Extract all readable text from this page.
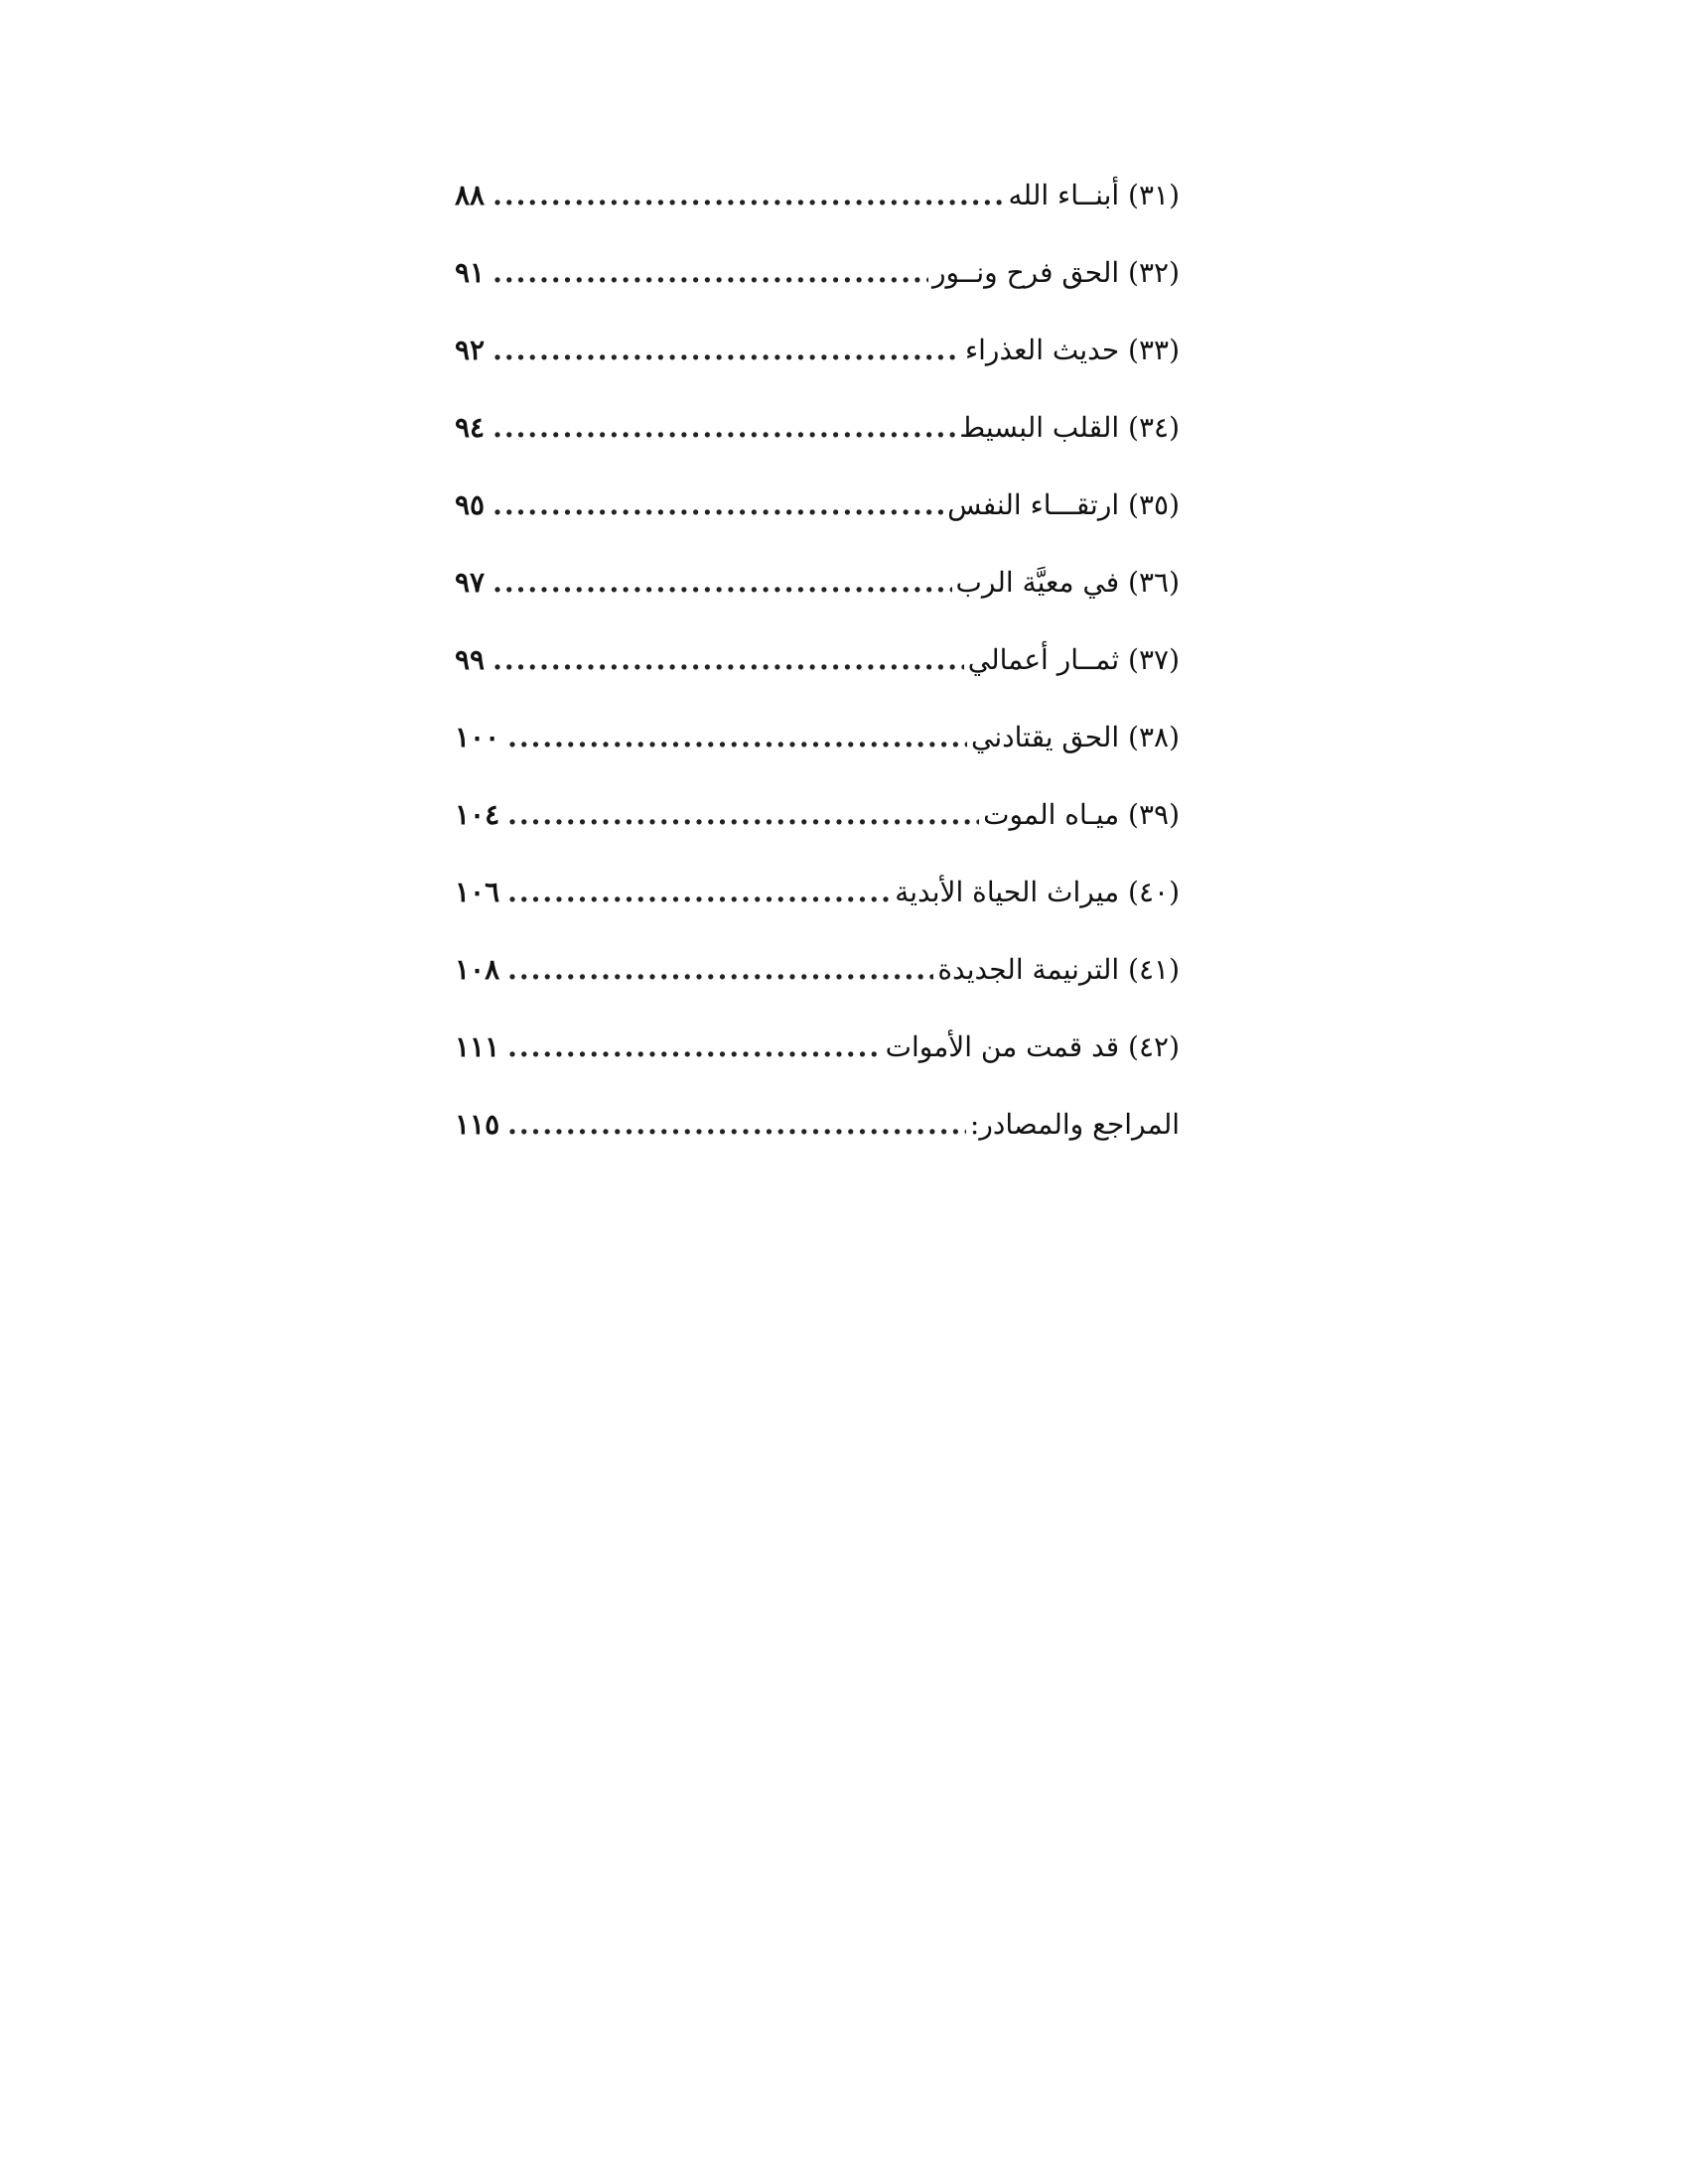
(٣١) أبنــاء الله
.....
٨٨
(٣٢) الحق فرح ونــور
.....
٩١
(٣٣) حديث العذراء
.....
٩٢
(٣٤) القلب البسيط
.....
٩٤
(٣٥) ارتقـــاء النفس
.....
٩٥
(٣٦) في معيَّة الرب
.....
٩٧
(٣٧) ثمــار أعمالي
.....
٩٩
(٣٨) الحق يقتادني
.....
١٠٠
(٣٩) ميـاه الموت
.....
١٠٤
(٤٠) ميراث الحياة الأبدية
.....
١٠٦
(٤١) الترنيمة الجديدة
.....
١٠٨
(٤٢) قد قمت من الأموات
.....
١١١
المراجع والمصادر:
.....
١١٥
